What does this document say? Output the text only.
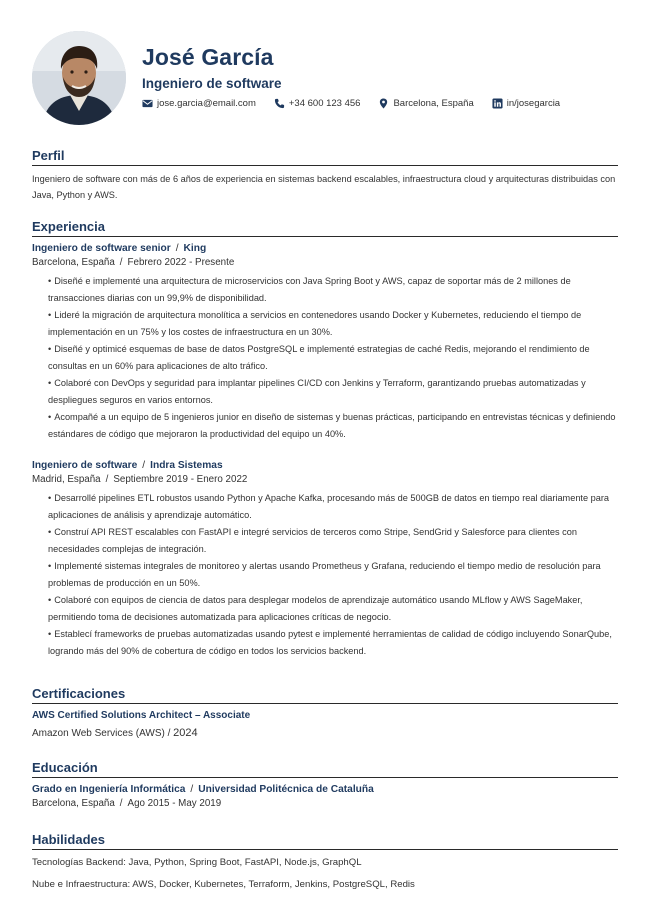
José García
Ingeniero de software
jose.garcia@email.com	+34 600 123 456	Barcelona, España	in/josegarcia
Perfil
Ingeniero de software con más de 6 años de experiencia en sistemas backend escalables, infraestructura cloud y arquitecturas distribuidas con Java, Python y AWS.
Experiencia
Ingeniero de software senior / King
Barcelona, España / Febrero 2022 - Presente
• Diseñé e implementé una arquitectura de microservicios con Java Spring Boot y AWS, capaz de soportar más de 2 millones de transacciones diarias con un 99,9% de disponibilidad.
• Lideré la migración de arquitectura monolítica a servicios en contenedores usando Docker y Kubernetes, reduciendo el tiempo de implementación en un 75% y los costes de infraestructura en un 30%.
• Diseñé y optimicé esquemas de base de datos PostgreSQL e implementé estrategias de caché Redis, mejorando el rendimiento de consultas en un 60% para aplicaciones de alto tráfico.
• Colaboré con DevOps y seguridad para implantar pipelines CI/CD con Jenkins y Terraform, garantizando pruebas automatizadas y despliegues seguros en varios entornos.
• Acompañé a un equipo de 5 ingenieros junior en diseño de sistemas y buenas prácticas, participando en entrevistas técnicas y definiendo estándares de código que mejoraron la productividad del equipo un 40%.
Ingeniero de software / Indra Sistemas
Madrid, España / Septiembre 2019 - Enero 2022
• Desarrollé pipelines ETL robustos usando Python y Apache Kafka, procesando más de 500GB de datos en tiempo real diariamente para aplicaciones de análisis y aprendizaje automático.
• Construí API REST escalables con FastAPI e integré servicios de terceros como Stripe, SendGrid y Salesforce para clientes con necesidades complejas de integración.
• Implementé sistemas integrales de monitoreo y alertas usando Prometheus y Grafana, reduciendo el tiempo medio de resolución para problemas de producción en un 50%.
• Colaboré con equipos de ciencia de datos para desplegar modelos de aprendizaje automático usando MLflow y AWS SageMaker, permitiendo toma de decisiones automatizada para aplicaciones críticas de negocio.
• Establecí frameworks de pruebas automatizadas usando pytest e implementé herramientas de calidad de código incluyendo SonarQube, logrando más del 90% de cobertura de código en todos los servicios backend.
Certificaciones
AWS Certified Solutions Architect – Associate
Amazon Web Services (AWS) / 2024
Educación
Grado en Ingeniería Informática / Universidad Politécnica de Cataluña
Barcelona, España / Ago 2015 - May 2019
Habilidades
Tecnologías Backend: Java, Python, Spring Boot, FastAPI, Node.js, GraphQL
Nube e Infraestructura: AWS, Docker, Kubernetes, Terraform, Jenkins, PostgreSQL, Redis
